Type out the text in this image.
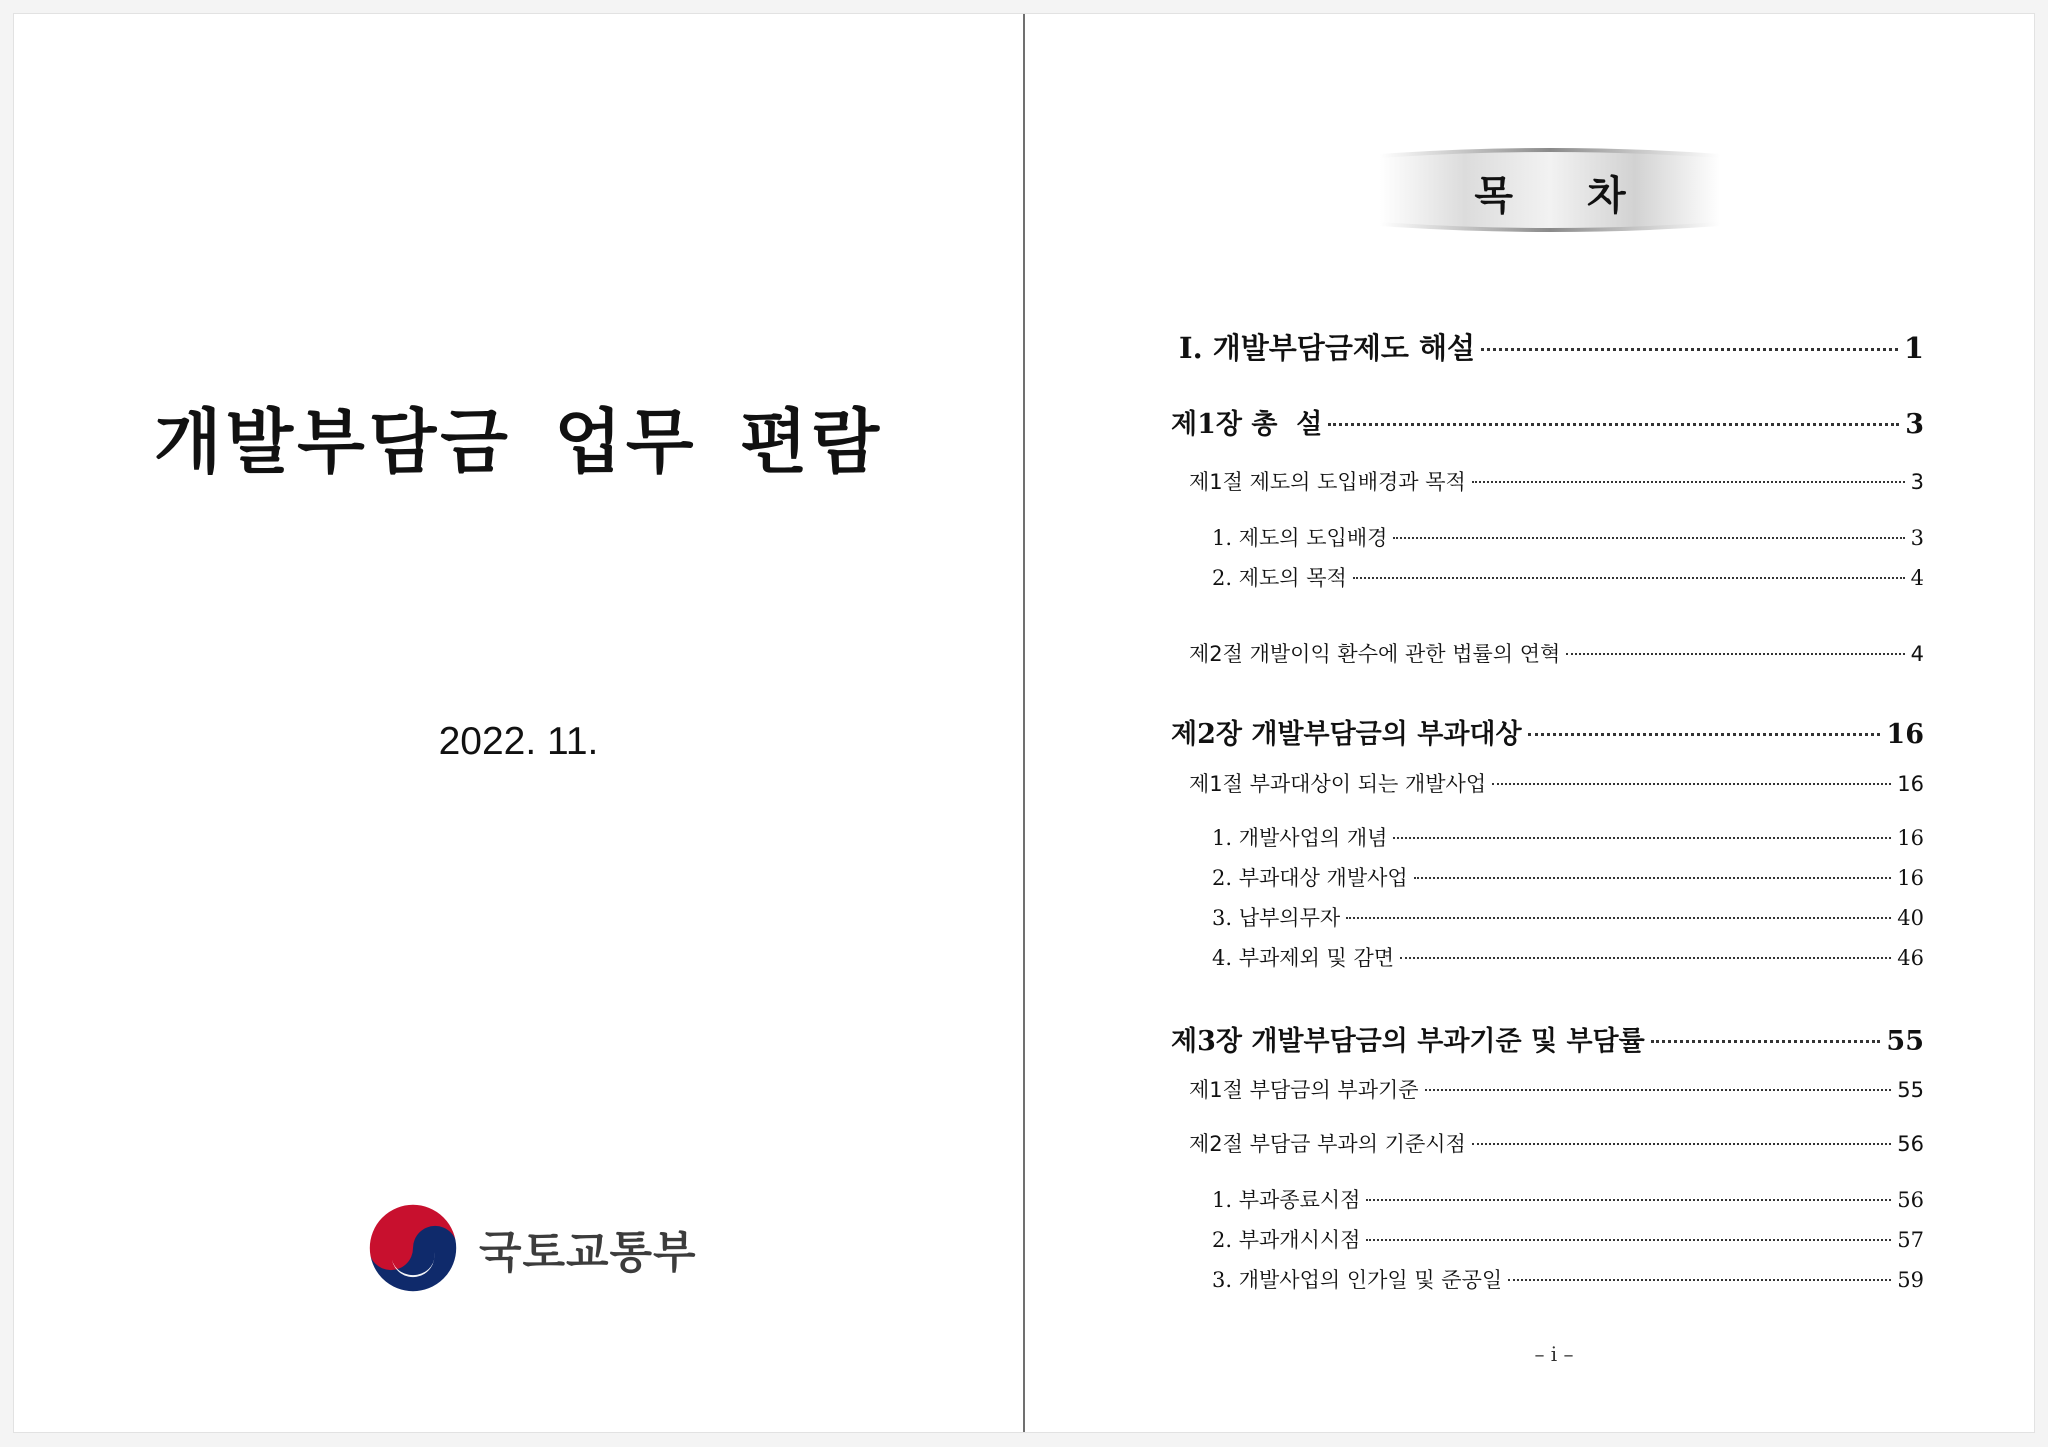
개발부담금 업무 편람
2022. 11.
국토교통부
목 차
Ⅰ. 개발부담금제도 해설	1
제1장 총  설	3
제1절 제도의 도입배경과 목적	3
1. 제도의 도입배경	3
2. 제도의 목적	4
제2절 개발이익 환수에 관한 법률의 연혁	4
제2장 개발부담금의 부과대상	16
제1절 부과대상이 되는 개발사업	16
1. 개발사업의 개념	16
2. 부과대상 개발사업	16
3. 납부의무자	40
4. 부과제외 및 감면	46
제3장 개발부담금의 부과기준 및 부담률	55
제1절 부담금의 부과기준	55
제2절 부담금 부과의 기준시점	56
1. 부과종료시점	56
2. 부과개시시점	57
3. 개발사업의 인가일 및 준공일	59
– i –
